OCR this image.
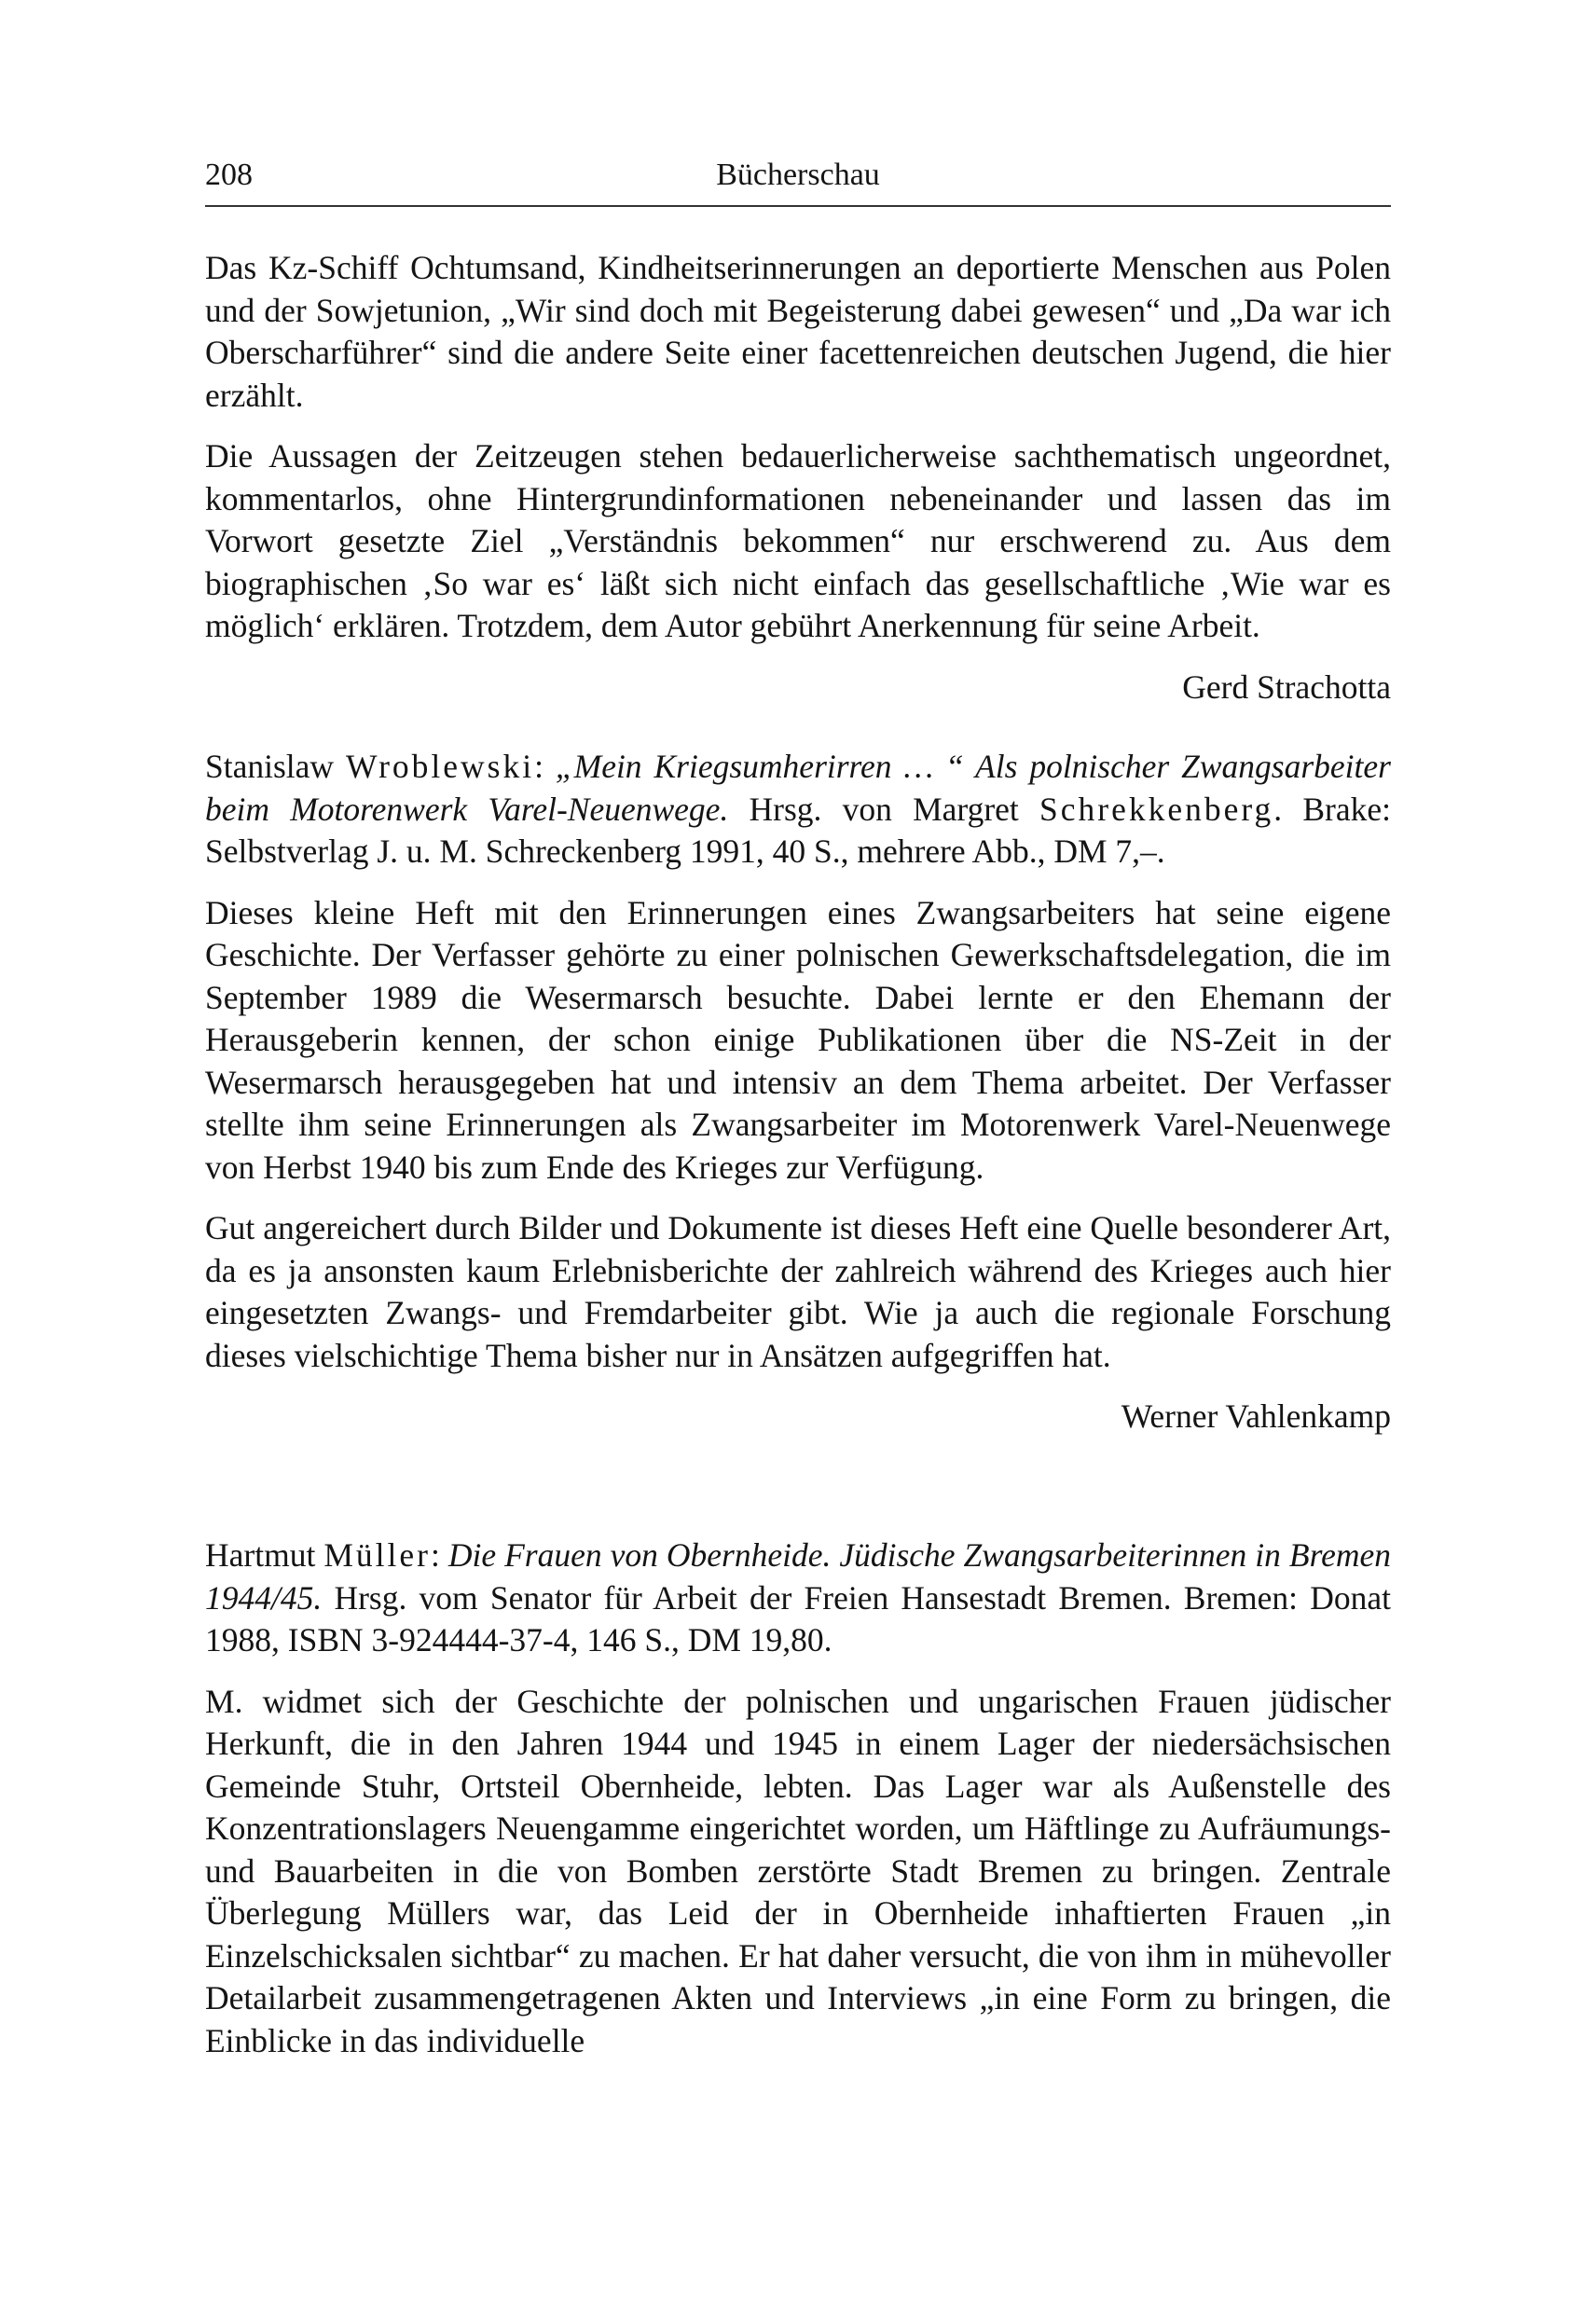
208	Bücherschau

Das Kz-Schiff Ochtumsand, Kindheitserinnerungen an deportierte Menschen aus Polen und der Sowjetunion, „Wir sind doch mit Begeisterung dabei gewesen“ und „Da war ich Oberscharführer“ sind die andere Seite einer facettenreichen deutschen Jugend, die hier erzählt.

Die Aussagen der Zeitzeugen stehen bedauerlicherweise sachthematisch ungeordnet, kommentarlos, ohne Hintergrundinformationen nebeneinander und lassen das im Vorwort gesetzte Ziel „Verständnis bekommen“ nur erschwerend zu. Aus dem biographischen ‚So war es‘ läßt sich nicht einfach das gesellschaftliche ‚Wie war es möglich‘ erklären. Trotzdem, dem Autor gebührt Anerkennung für seine Arbeit.

Gerd Strachotta

Stanislaw Wroblewski: „Mein Kriegsumherirren … “ Als polnischer Zwangsarbeiter beim Motorenwerk Varel-Neuenwege. Hrsg. von Margret Schrekkenberg. Brake: Selbstverlag J. u. M. Schreckenberg 1991, 40 S., mehrere Abb., DM 7,–.

Dieses kleine Heft mit den Erinnerungen eines Zwangsarbeiters hat seine eigene Geschichte. Der Verfasser gehörte zu einer polnischen Gewerkschaftsdelegation, die im September 1989 die Wesermarsch besuchte. Dabei lernte er den Ehemann der Herausgeberin kennen, der schon einige Publikationen über die NS-Zeit in der Wesermarsch herausgegeben hat und intensiv an dem Thema arbeitet. Der Verfasser stellte ihm seine Erinnerungen als Zwangsarbeiter im Motorenwerk Varel-Neuenwege von Herbst 1940 bis zum Ende des Krieges zur Verfügung.

Gut angereichert durch Bilder und Dokumente ist dieses Heft eine Quelle besonderer Art, da es ja ansonsten kaum Erlebnisberichte der zahlreich während des Krieges auch hier eingesetzten Zwangs- und Fremdarbeiter gibt. Wie ja auch die regionale Forschung dieses vielschichtige Thema bisher nur in Ansätzen aufgegriffen hat.

Werner Vahlenkamp

Hartmut Müller: Die Frauen von Obernheide. Jüdische Zwangsarbeiterinnen in Bremen 1944/45. Hrsg. vom Senator für Arbeit der Freien Hansestadt Bremen. Bremen: Donat 1988, ISBN 3-924444-37-4, 146 S., DM 19,80.

M. widmet sich der Geschichte der polnischen und ungarischen Frauen jüdischer Herkunft, die in den Jahren 1944 und 1945 in einem Lager der niedersächsischen Gemeinde Stuhr, Ortsteil Obernheide, lebten. Das Lager war als Außenstelle des Konzentrationslagers Neuengamme eingerichtet worden, um Häftlinge zu Aufräumungs- und Bauarbeiten in die von Bomben zerstörte Stadt Bremen zu bringen. Zentrale Überlegung Müllers war, das Leid der in Obernheide inhaftierten Frauen „in Einzelschicksalen sichtbar“ zu machen. Er hat daher versucht, die von ihm in mühevoller Detailarbeit zusammengetragenen Akten und Interviews „in eine Form zu bringen, die Einblicke in das individuelle
